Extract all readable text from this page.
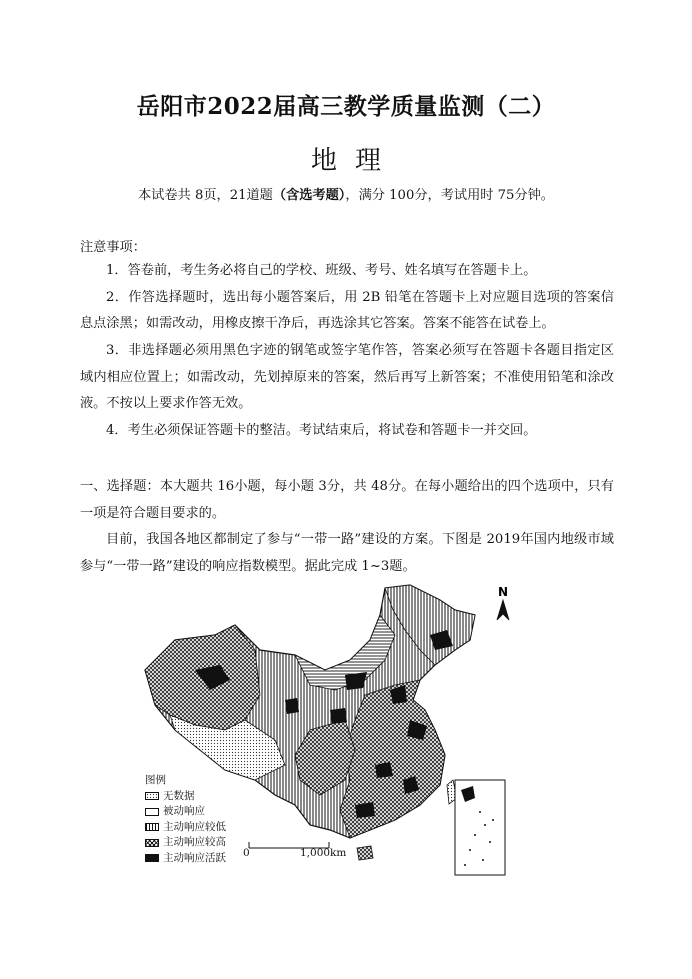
岳阳市2022届高三教学质量监测（二）
地理
本试卷共 8页，21道题（含选考题），满分 100分，考试用时 75分钟。
注意事项：
1．答卷前，考生务必将自己的学校、班级、考号、姓名填写在答题卡上。
2．作答选择题时，选出每小题答案后，用 2B 铅笔在答题卡上对应题目选项的答案信息点涂黑；如需改动，用橡皮擦干净后，再选涂其它答案。答案不能答在试卷上。
3．非选择题必须用黑色字迹的钢笔或签字笔作答，答案必须写在答题卡各题目指定区域内相应位置上；如需改动，先划掉原来的答案，然后再写上新答案；不准使用铅笔和涂改液。不按以上要求作答无效。
4．考生必须保证答题卡的整洁。考试结束后，将试卷和答题卡一并交回。
一、选择题：本大题共 16小题，每小题 3分，共 48分。在每小题给出的四个选项中，只有一项是符合题目要求的。
目前，我国各地区都制定了参与“一带一路”建设的方案。下图是 2019年国内地级市域参与“一带一路”建设的响应指数模型。据此完成 1~3题。
N
0	1,000km
图例
无数据
被动响应
主动响应较低
主动响应较高
主动响应活跃
